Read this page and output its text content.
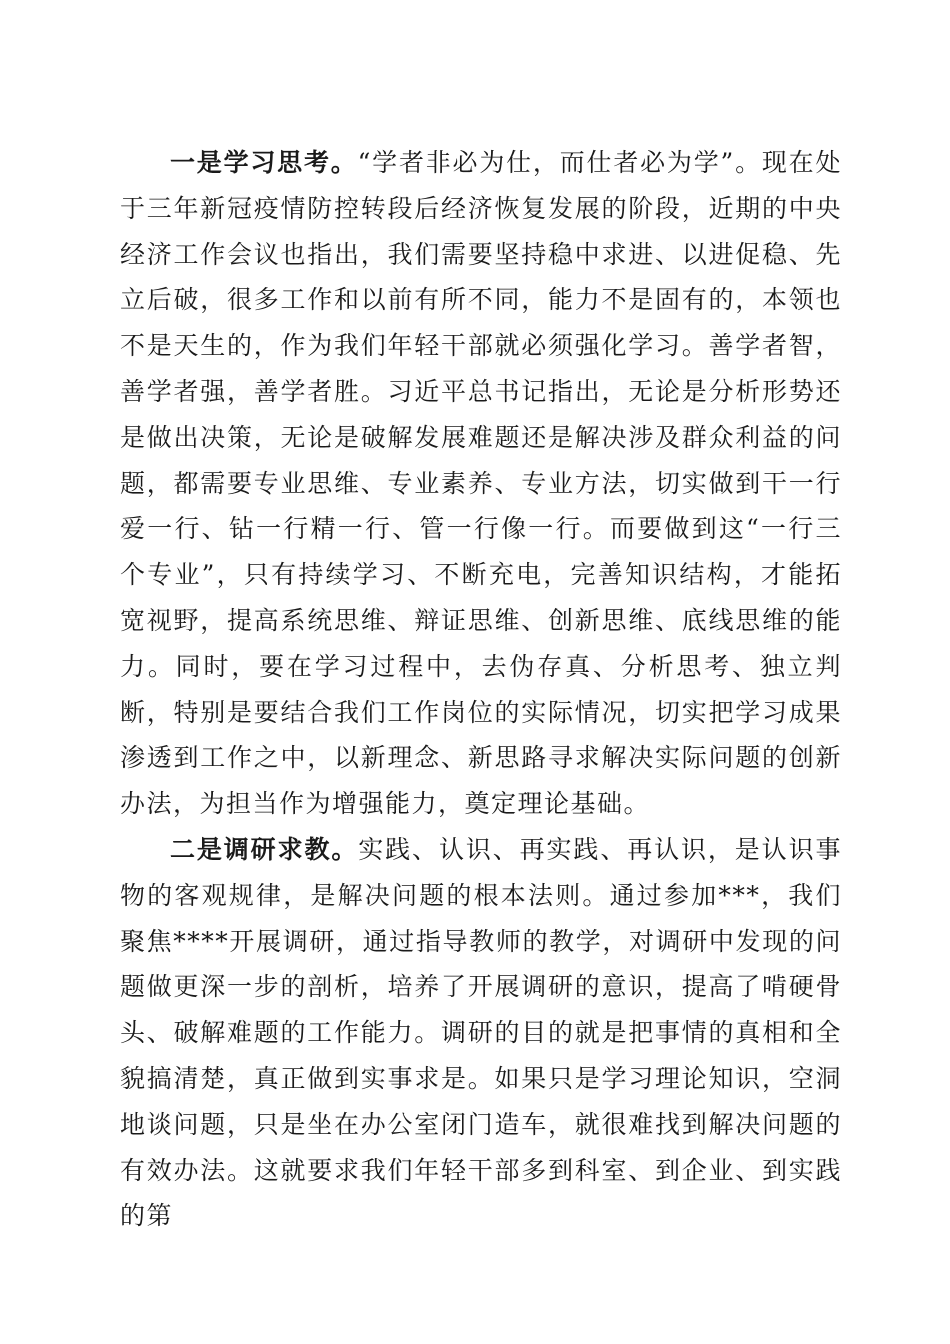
一是学习思考。“学者非必为仕，而仕者必为学”。现在处于三年新冠疫情防控转段后经济恢复发展的阶段，近期的中央经济工作会议也指出，我们需要坚持稳中求进、以进促稳、先立后破，很多工作和以前有所不同，能力不是固有的，本领也不是天生的，作为我们年轻干部就必须强化学习。善学者智，善学者强，善学者胜。习近平总书记指出，无论是分析形势还是做出决策，无论是破解发展难题还是解决涉及群众利益的问题，都需要专业思维、专业素养、专业方法，切实做到干一行爱一行、钻一行精一行、管一行像一行。而要做到这“一行三个专业”，只有持续学习、不断充电，完善知识结构，才能拓宽视野，提高系统思维、辩证思维、创新思维、底线思维的能力。同时，要在学习过程中，去伪存真、分析思考、独立判断，特别是要结合我们工作岗位的实际情况，切实把学习成果渗透到工作之中，以新理念、新思路寻求解决实际问题的创新办法，为担当作为增强能力，奠定理论基础。

二是调研求教。实践、认识、再实践、再认识，是认识事物的客观规律，是解决问题的根本法则。通过参加***，我们聚焦****开展调研，通过指导教师的教学，对调研中发现的问题做更深一步的剖析，培养了开展调研的意识，提高了啃硬骨头、破解难题的工作能力。调研的目的就是把事情的真相和全貌搞清楚，真正做到实事求是。如果只是学习理论知识，空洞地谈问题，只是坐在办公室闭门造车，就很难找到解决问题的有效办法。这就要求我们年轻干部多到科室、到企业、到实践的第
